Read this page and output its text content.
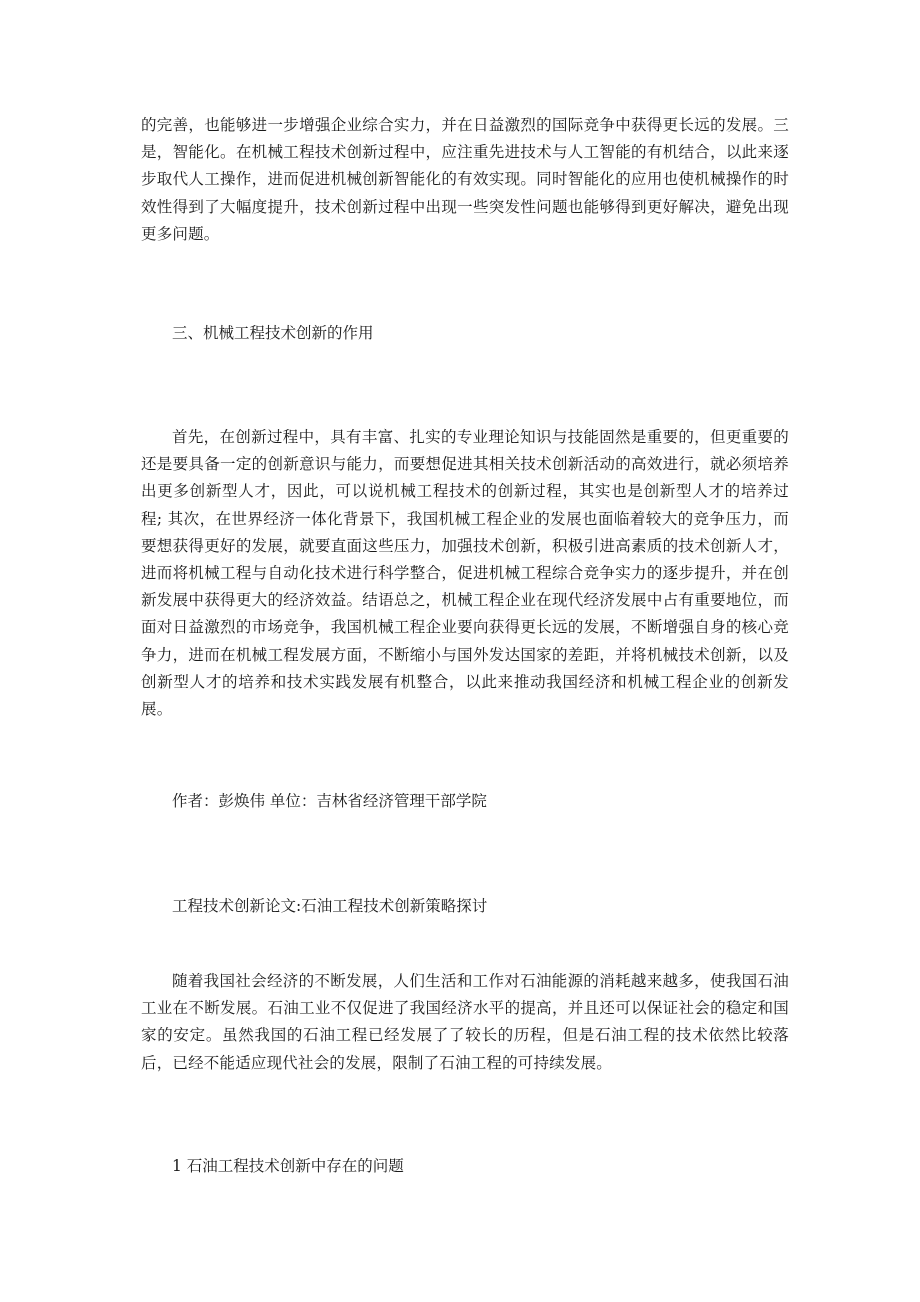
的完善，也能够进一步增强企业综合实力，并在日益激烈的国际竞争中获得更长远的发展。三是，智能化。在机械工程技术创新过程中，应注重先进技术与人工智能的有机结合，以此来逐步取代人工操作，进而促进机械创新智能化的有效实现。同时智能化的应用也使机械操作的时效性得到了大幅度提升，技术创新过程中出现一些突发性问题也能够得到更好解决，避免出现更多问题。

三、机械工程技术创新的作用

首先，在创新过程中，具有丰富、扎实的专业理论知识与技能固然是重要的，但更重要的还是要具备一定的创新意识与能力，而要想促进其相关技术创新活动的高效进行，就必须培养出更多创新型人才，因此，可以说机械工程技术的创新过程，其实也是创新型人才的培养过程; 其次，在世界经济一体化背景下，我国机械工程企业的发展也面临着较大的竞争压力，而要想获得更好的发展，就要直面这些压力，加强技术创新，积极引进高素质的技术创新人才，进而将机械工程与自动化技术进行科学整合，促进机械工程综合竞争实力的逐步提升，并在创新发展中获得更大的经济效益。结语总之，机械工程企业在现代经济发展中占有重要地位，而面对日益激烈的市场竞争，我国机械工程企业要向获得更长远的发展，不断增强自身的核心竞争力，进而在机械工程发展方面，不断缩小与国外发达国家的差距，并将机械技术创新，以及创新型人才的培养和技术实践发展有机整合，以此来推动我国经济和机械工程企业的创新发展。

作者：彭焕伟 单位：吉林省经济管理干部学院

工程技术创新论文:石油工程技术创新策略探讨

随着我国社会经济的不断发展，人们生活和工作对石油能源的消耗越来越多，使我国石油工业在不断发展。石油工业不仅促进了我国经济水平的提高，并且还可以保证社会的稳定和国家的安定。虽然我国的石油工程已经发展了了较长的历程，但是石油工程的技术依然比较落后，已经不能适应现代社会的发展，限制了石油工程的可持续发展。

1 石油工程技术创新中存在的问题
